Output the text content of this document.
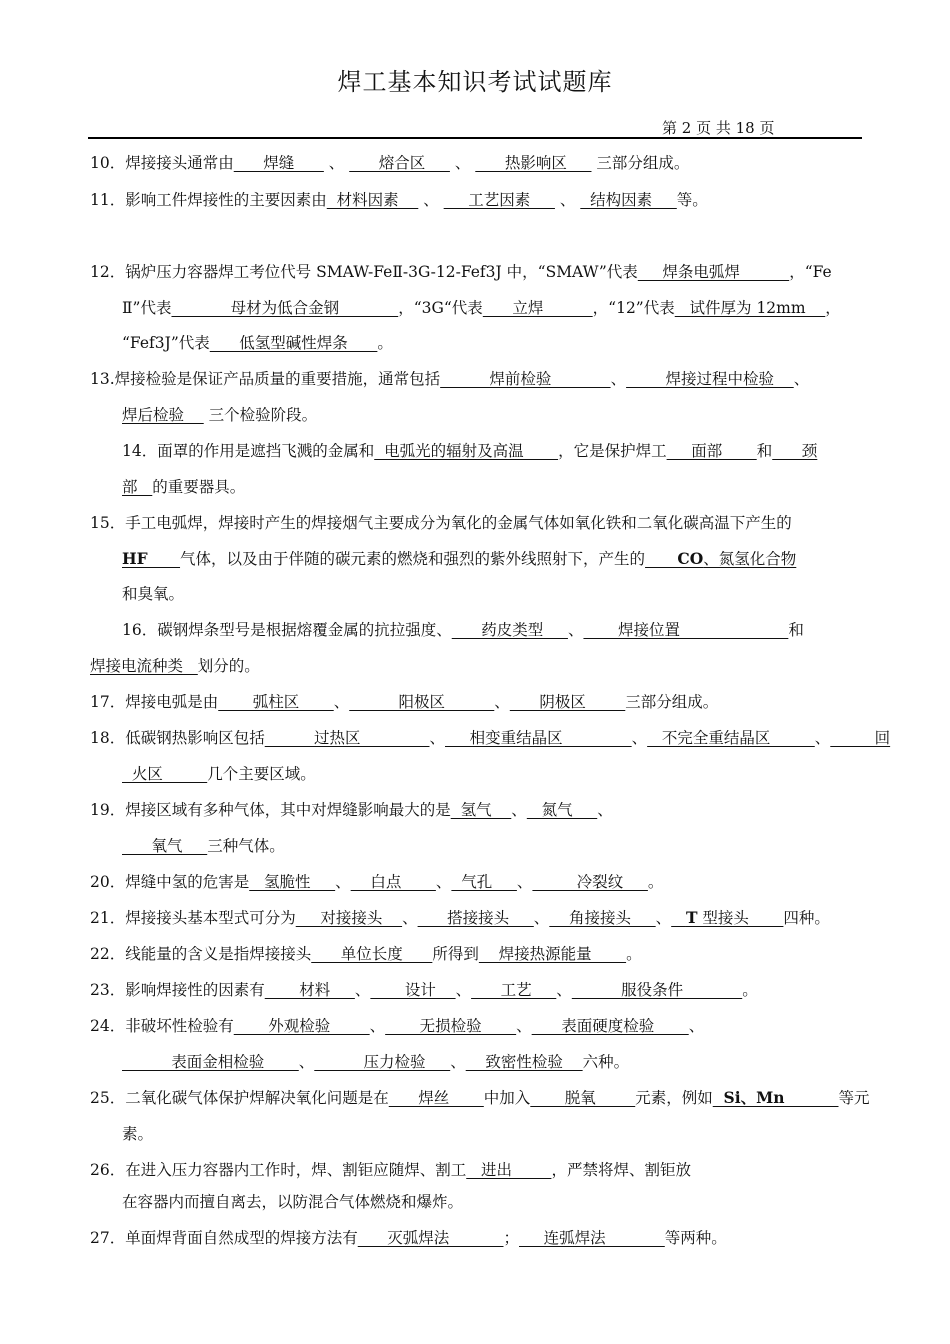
焊工基本知识考试试题库
第 2 页 共 18 页
10．焊接接头通常由      焊缝       、       熔合区      、       热影响区      三部分组成。
11．影响工件焊接性的主要因素由  材料因素     、      工艺因素      、   结构因素     等。
12．锅炉压力容器焊工考位代号 SMAW-FeⅡ-3G-12-Fef3J 中，“SMAW”代表     焊条电弧焊          ，“Fe
Ⅱ”代表            母材为低合金钢            ，“3G“代表      立焊          ，“12”代表   试件厚为 12mm    ，
“Fef3J”代表      低氢型碱性焊条      。
13.焊接检验是保证产品质量的重要措施，通常包括          焊前检验            、        焊接过程中检验    、
焊后检验     三个检验阶段。
14．面罩的作用是遮挡飞溅的金属和  电弧光的辐射及高温       ，它是保护焊工     面部       和      颈
部   的重要器具。
15．手工电弧焊，焊接时产生的焊接烟气主要成分为氧化的金属气体如氧化铁和二氧化碳高温下产生的
HF      气体，以及由于伴随的碳元素的燃烧和强烈的紫外线照射下，产生的      CO、氮氢化合物
和臭氧。
16．碳钢焊条型号是根据熔覆金属的抗拉强度、      药皮类型     、       焊接位置                      和
焊接电流种类   划分的。
17．焊接电弧是由       弧柱区       、          阳极区          、      阴极区        三部分组成。
18．低碳钢热影响区包括          过热区              、     相变重结晶区              、   不完全重结晶区         、         回
火区         几个主要区域。
19．焊接区域有多种气体，其中对焊缝影响最大的是  氢气    、   氮气     、
氧气     三种气体。
20．焊缝中氢的危害是   氢脆性     、    白点       、  气孔     、         冷裂纹     。
21．焊接接头基本型式可分为     对接接头    、      搭接接头     、    角接接头     、 T 型接头       四种。
22．线能量的含义是指焊接接头      单位长度      所得到    焊接热源能量       。
23．影响焊接性的因素有       材料     、       设计    、      工艺     、          服役条件            。
24．非破坏性检验有       外观检验        、       无损检验       、      表面硬度检验       、
表面金相检验       、          压力检验     、    致密性检验    六种。
25．二氧化碳气体保护焊解决氧化问题是在      焊丝       中加入       脱氧        元素，例如  Si、Mn          等元
素。
26．在进入压力容器内工作时，焊、割钜应随焊、割工   进出        ，严禁将焊、割钜放
在容器内而擅自离去，以防混合气体燃烧和爆炸。
27．单面焊背面自然成型的焊接方法有      灭弧焊法           ；     连弧焊法            等两种。
